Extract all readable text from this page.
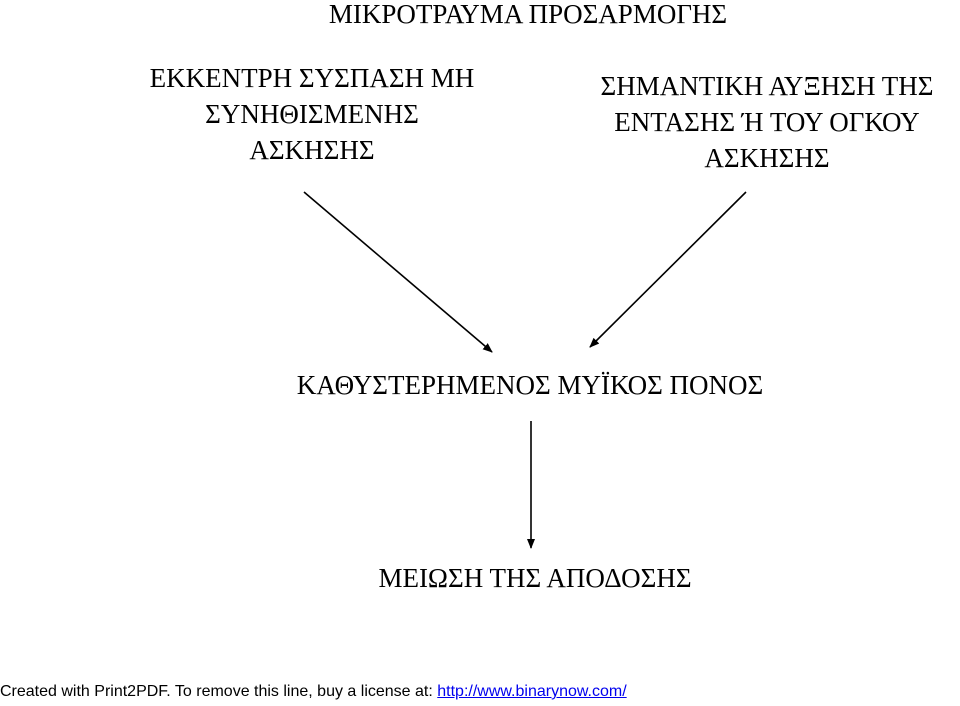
ΜΙΚΡΟΤΡΑΥΜΑ ΠΡΟΣΑΡΜΟΓΗΣ
ΕΚΚΕΝΤΡΗ ΣΥΣΠΑΣΗ ΜΗ
ΣΥΝΗΘΙΣΜΕΝΗΣ
ΑΣΚΗΣΗΣ
ΣΗΜΑΝΤΙΚΗ ΑΥΞΗΣΗ ΤΗΣ
ΕΝΤΑΣΗΣ Ή ΤΟΥ ΟΓΚΟΥ
ΑΣΚΗΣΗΣ
ΚΑΘΥΣΤΕΡΗΜΕΝΟΣ ΜΥΪΚΟΣ ΠΟΝΟΣ
ΜΕΙΩΣΗ ΤΗΣ ΑΠΟΔΟΣΗΣ
Created with Print2PDF. To remove this line, buy a license at: http://www.binarynow.com/
